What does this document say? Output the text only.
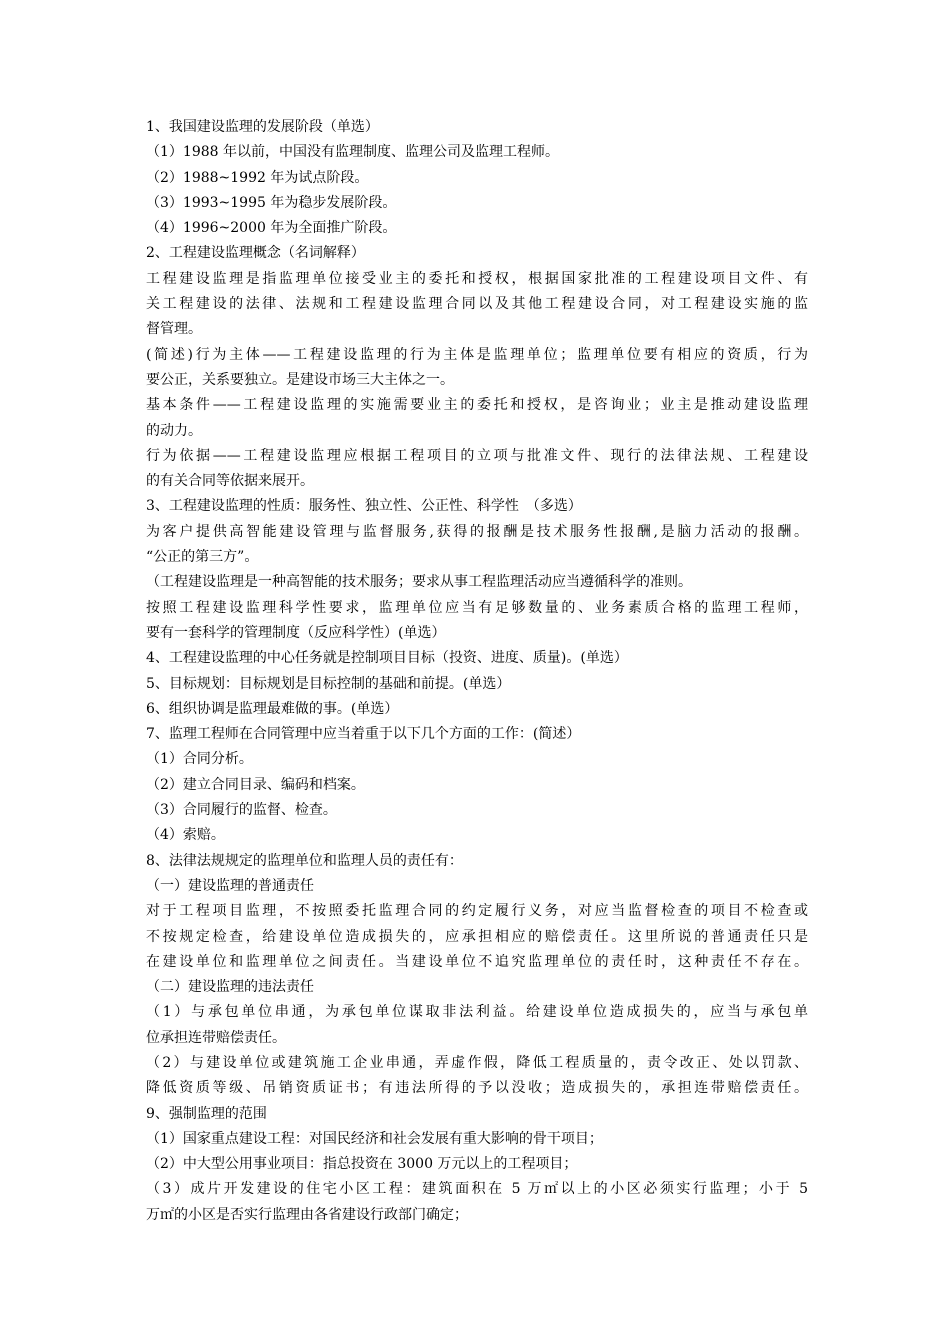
1、我国建设监理的发展阶段（单选）
（1）1988 年以前，中国没有监理制度、监理公司及监理工程师。
（2）1988~1992 年为试点阶段。
（3）1993~1995 年为稳步发展阶段。
（4）1996~2000 年为全面推广阶段。
2、工程建设监理概念（名词解释）
工程建设监理是指监理单位接受业主的委托和授权，根据国家批准的工程建设项目文件、有
关工程建设的法律、法规和工程建设监理合同以及其他工程建设合同，对工程建设实施的监
督管理。
(简述)行为主体——工程建设监理的行为主体是监理单位；监理单位要有相应的资质，行为
要公正，关系要独立。是建设市场三大主体之一。
基本条件——工程建设监理的实施需要业主的委托和授权，是咨询业；业主是推动建设监理
的动力。
行为依据——工程建设监理应根据工程项目的立项与批准文件、现行的法律法规、工程建设
的有关合同等依据来展开。
3、工程建设监理的性质：服务性、独立性、公正性、科学性　（多选）
为客户提供高智能建设管理与监督服务,获得的报酬是技术服务性报酬,是脑力活动的报酬。
“公正的第三方”。
（工程建设监理是一种高智能的技术服务；要求从事工程监理活动应当遵循科学的准则。
按照工程建设监理科学性要求，监理单位应当有足够数量的、业务素质合格的监理工程师，
要有一套科学的管理制度（反应科学性）(单选）
4、工程建设监理的中心任务就是控制项目目标（投资、进度、质量)。(单选）
5、目标规划：目标规划是目标控制的基础和前提。(单选）
6、组织协调是监理最难做的事。(单选）
7、监理工程师在合同管理中应当着重于以下几个方面的工作：(简述）
（1）合同分析。
（2）建立合同目录、编码和档案。
（3）合同履行的监督、检查。
（4）索赔。
8、法律法规规定的监理单位和监理人员的责任有：
（一）建设监理的普通责任
对于工程项目监理，不按照委托监理合同的约定履行义务，对应当监督检查的项目不检查或
不按规定检查，给建设单位造成损失的，应承担相应的赔偿责任。这里所说的普通责任只是
在建设单位和监理单位之间责任。当建设单位不追究监理单位的责任时，这种责任不存在。
（二）建设监理的违法责任
（1）与承包单位串通，为承包单位谋取非法利益。给建设单位造成损失的，应当与承包单
位承担连带赔偿责任。
（2）与建设单位或建筑施工企业串通，弄虚作假，降低工程质量的，责令改正、处以罚款、
降低资质等级、吊销资质证书；有违法所得的予以没收；造成损失的，承担连带赔偿责任。
9、强制监理的范围
（1）国家重点建设工程：对国民经济和社会发展有重大影响的骨干项目；
（2）中大型公用事业项目：指总投资在 3000 万元以上的工程项目；
（3）成片开发建设的住宅小区工程：建筑面积在 5 万㎡以上的小区必须实行监理；小于 5
万㎡的小区是否实行监理由各省建设行政部门确定；
